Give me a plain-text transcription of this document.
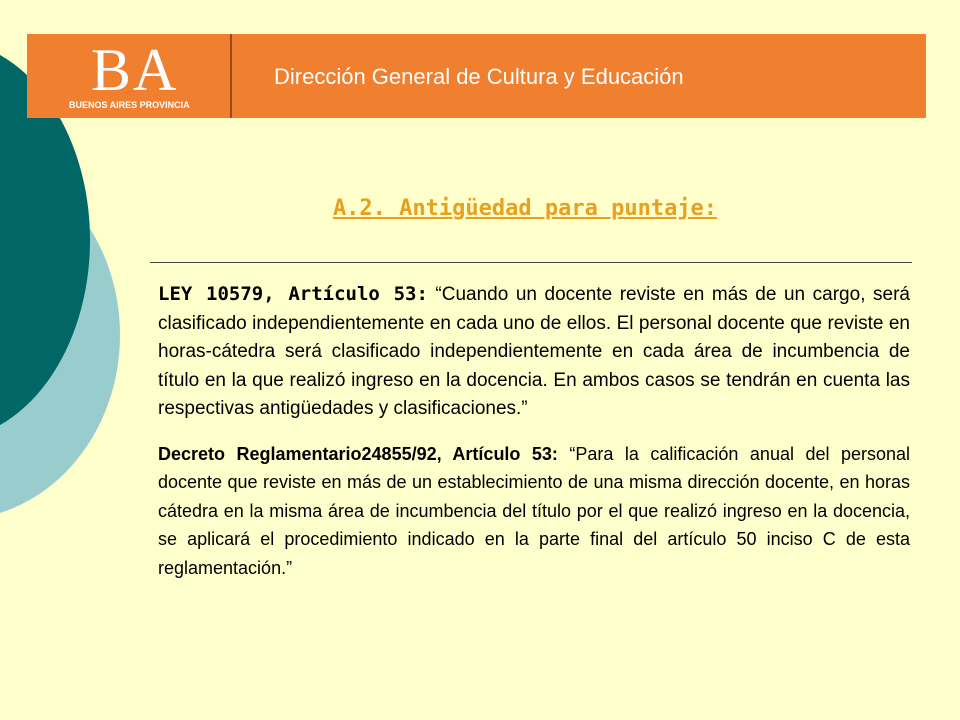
BA
BUENOS AIRES PROVINCIA
Dirección General de Cultura y Educación
A.2. Antigüedad para puntaje:

LEY 10579, Artículo 53: “Cuando un docente reviste en más de un cargo, será clasificado independientemente en cada uno de ellos. El personal docente que reviste en horas-cátedra será clasificado independientemente en cada área de incumbencia de título en la que realizó ingreso en la docencia. En ambos casos se tendrán en cuenta las respectivas antigüedades y clasificaciones.”

Decreto Reglamentario24855/92, Artículo 53: “Para la calificación anual del personal docente que reviste en más de un establecimiento de una misma dirección docente, en horas cátedra en la misma área de incumbencia del título por el que realizó ingreso en la docencia, se aplicará el procedimiento indicado en la parte final del artículo 50 inciso C de esta reglamentación.”
